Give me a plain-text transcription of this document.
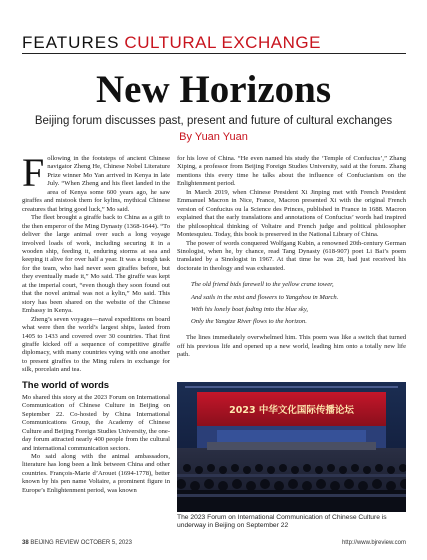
FEATURES CULTURAL EXCHANGE
New Horizons
Beijing forum discusses past, present and future of cultural exchanges
By Yuan Yuan

Following in the footsteps of ancient Chinese navigator Zheng He, Chinese Nobel Literature Prize winner Mo Yan arrived in Kenya in late July. “When Zheng and his fleet landed in the area of Kenya some 600 years ago, he saw giraffes and mistook them for kylins, mythical Chinese creatures that bring good luck,” Mo said.

The fleet brought a giraffe back to China as a gift to the then emperor of the Ming Dynasty (1368-1644). “To deliver the large animal over such a long voyage involved loads of work, including securing it in a wooden ship, feeding it, enduring storms at sea and keeping it alive for over half a year. It was a tough task for the team, who had never seen giraffes before, but they eventually made it,” Mo said. The giraffe was kept at the imperial court, “even though they soon found out that the novel animal was not a kylin,” Mo said. This story has been shared on the website of the Chinese Embassy in Kenya.

Zheng’s seven voyages—naval expeditions on board what were then the world’s largest ships, lasted from 1405 to 1433 and covered over 30 countries. That first giraffe kicked off a sequence of competitive giraffe diplomacy, with many countries vying with one another to present giraffes to the Ming rulers in exchange for silk, porcelain and tea.

The world of words

Mo shared this story at the 2023 Forum on International Communication of Chinese Culture in Beijing on September 22. Co-hosted by China International Communications Group, the Academy of Chinese Culture and Beijing Foreign Studies University, the one-day forum attracted nearly 400 people from the cultural and international communication sectors.

Mo said along with the animal ambassadors, literature has long been a link between China and other countries. François-Marie d’Arouet (1694-1778), better known by his pen name Voltaire, a prominent figure in Europe’s Enlightenment period, was known

for his love of China. “He even named his study the ‘Temple of Confucius’,” Zhang Xiping, a professor from Beijing Foreign Studies University, said at the forum. Zhang mentions this every time he talks about the influence of Confucianism on the Enlightenment period.

In March 2019, when Chinese President Xi Jinping met with French President Emmanuel Macron in Nice, France, Macron presented Xi with the original French version of Confucius ou la Science des Princes, published in France in 1688. Macron explained that the early translations and annotations of Confucius’ words had inspired the philosophical thinking of Voltaire and French judge and political philosopher Montesquieu. Today, this book is preserved in the National Library of China.

The power of words conquered Wolfgang Kubin, a renowned 20th-century German Sinologist, when he, by chance, read Tang Dynasty (618-907) poet Li Bai’s poem translated by a Sinologist in 1967. At that time he was 28, had just received his doctorate in theology and was exhausted.

The old friend bids farewell to the yellow crane tower,
And sails in the mist and flowers to Yangzhou in March.
With his lonely boat fading into the blue sky,
Only the Yangtze River flows to the horizon.

The lines immediately overwhelmed him. This poem was like a switch that turned off his previous life and opened up a new world, leading him onto a totally new life path.

2023 中华文化国际传播论坛
The 2023 Forum on International Communication of Chinese Culture is underway in Beijing on September 22
38 BEIJING REVIEW OCTOBER 5, 2023	http://www.bjreview.com
